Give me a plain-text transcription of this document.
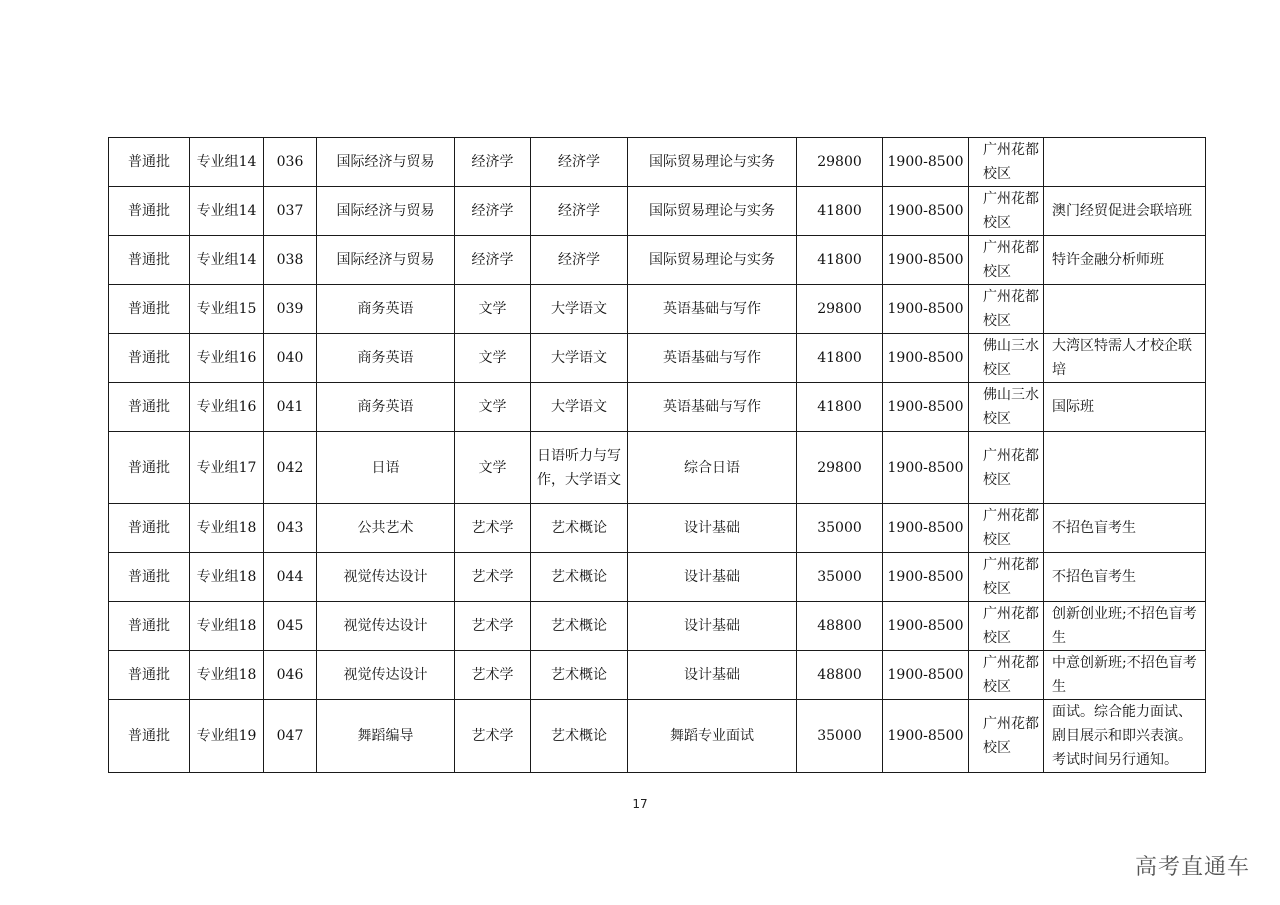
普通批	专业组14	036	国际经济与贸易	经济学	经济学	国际贸易理论与实务	29800	1900-8500	广州花都校区	
普通批	专业组14	037	国际经济与贸易	经济学	经济学	国际贸易理论与实务	41800	1900-8500	广州花都校区	澳门经贸促进会联培班
普通批	专业组14	038	国际经济与贸易	经济学	经济学	国际贸易理论与实务	41800	1900-8500	广州花都校区	特许金融分析师班
普通批	专业组15	039	商务英语	文学	大学语文	英语基础与写作	29800	1900-8500	广州花都校区	
普通批	专业组16	040	商务英语	文学	大学语文	英语基础与写作	41800	1900-8500	佛山三水校区	大湾区特需人才校企联培
普通批	专业组16	041	商务英语	文学	大学语文	英语基础与写作	41800	1900-8500	佛山三水校区	国际班
普通批	专业组17	042	日语	文学	日语听力与写作，大学语文	综合日语	29800	1900-8500	广州花都校区	
普通批	专业组18	043	公共艺术	艺术学	艺术概论	设计基础	35000	1900-8500	广州花都校区	不招色盲考生
普通批	专业组18	044	视觉传达设计	艺术学	艺术概论	设计基础	35000	1900-8500	广州花都校区	不招色盲考生
普通批	专业组18	045	视觉传达设计	艺术学	艺术概论	设计基础	48800	1900-8500	广州花都校区	创新创业班;不招色盲考生
普通批	专业组18	046	视觉传达设计	艺术学	艺术概论	设计基础	48800	1900-8500	广州花都校区	中意创新班;不招色盲考生
普通批	专业组19	047	舞蹈编导	艺术学	艺术概论	舞蹈专业面试	35000	1900-8500	广州花都校区	面试。综合能力面试、剧目展示和即兴表演。考试时间另行通知。
17
高考直通车
